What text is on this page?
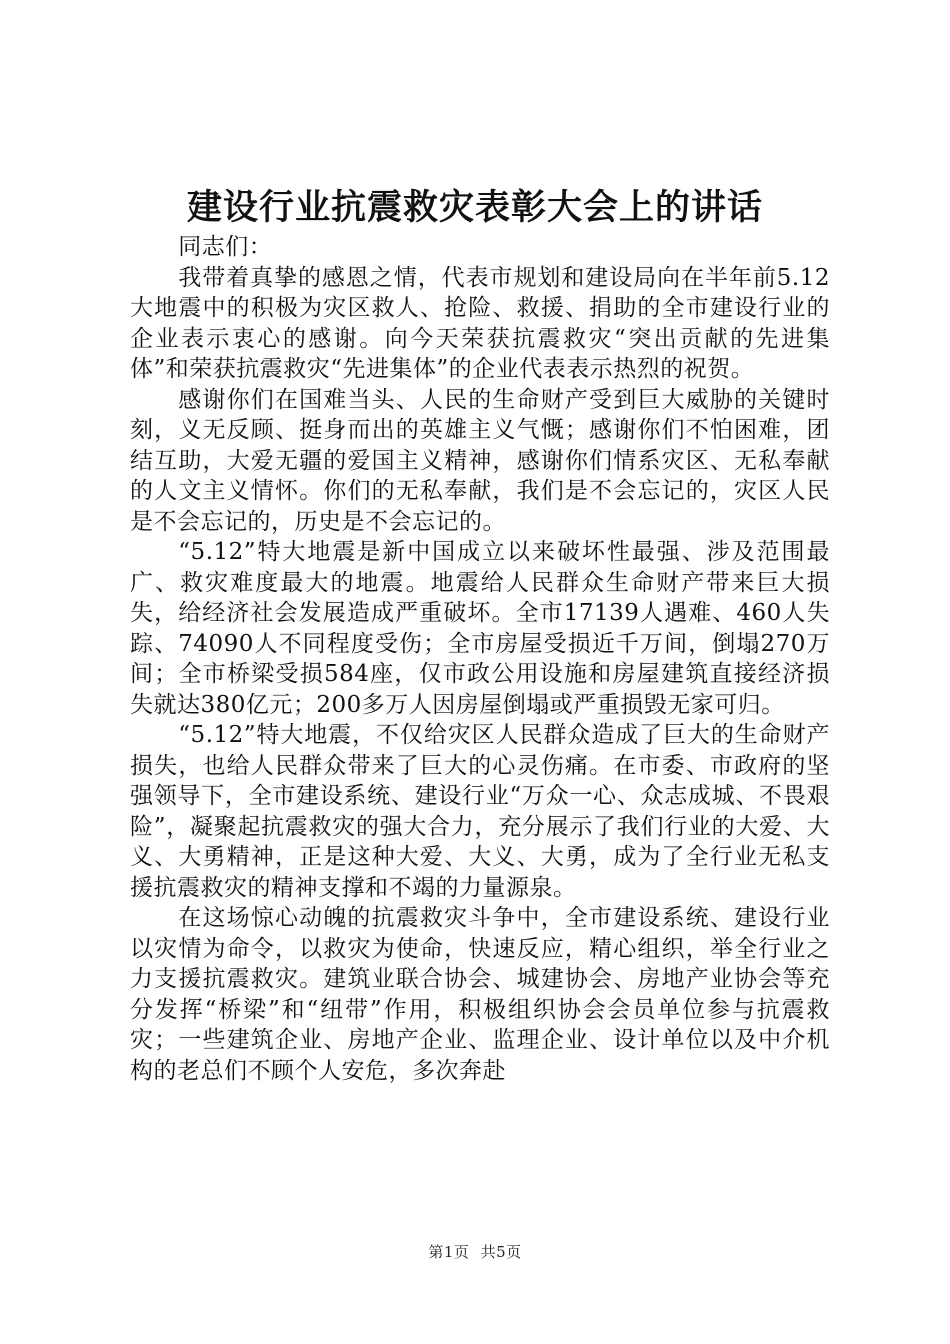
建设行业抗震救灾表彰大会上的讲话

同志们：

我带着真挚的感恩之情，代表市规划和建设局向在半年前5.12大地震中的积极为灾区救人、抢险、救援、捐助的全市建设行业的企业表示衷心的感谢。向今天荣获抗震救灾“突出贡献的先进集体”和荣获抗震救灾“先进集体”的企业代表表示热烈的祝贺。

感谢你们在国难当头、人民的生命财产受到巨大威胁的关键时刻，义无反顾、挺身而出的英雄主义气慨；感谢你们不怕困难，团结互助，大爱无疆的爱国主义精神，感谢你们情系灾区、无私奉献的人文主义情怀。你们的无私奉献，我们是不会忘记的，灾区人民是不会忘记的，历史是不会忘记的。

“5.12”特大地震是新中国成立以来破坏性最强、涉及范围最广、救灾难度最大的地震。地震给人民群众生命财产带来巨大损失，给经济社会发展造成严重破坏。全市17139人遇难、460人失踪、74090人不同程度受伤；全市房屋受损近千万间，倒塌270万间；全市桥梁受损584座，仅市政公用设施和房屋建筑直接经济损失就达380亿元；200多万人因房屋倒塌或严重损毁无家可归。

“5.12”特大地震，不仅给灾区人民群众造成了巨大的生命财产损失，也给人民群众带来了巨大的心灵伤痛。在市委、市政府的坚强领导下，全市建设系统、建设行业“万众一心、众志成城、不畏艰险”，凝聚起抗震救灾的强大合力，充分展示了我们行业的大爱、大义、大勇精神，正是这种大爱、大义、大勇，成为了全行业无私支援抗震救灾的精神支撑和不竭的力量源泉。

在这场惊心动魄的抗震救灾斗争中，全市建设系统、建设行业以灾情为命令，以救灾为使命，快速反应，精心组织，举全行业之力支援抗震救灾。建筑业联合协会、城建协会、房地产业协会等充分发挥“桥梁”和“纽带”作用，积极组织协会会员单位参与抗震救灾；一些建筑企业、房地产企业、监理企业、设计单位以及中介机构的老总们不顾个人安危，多次奔赴

第1页 共5页
